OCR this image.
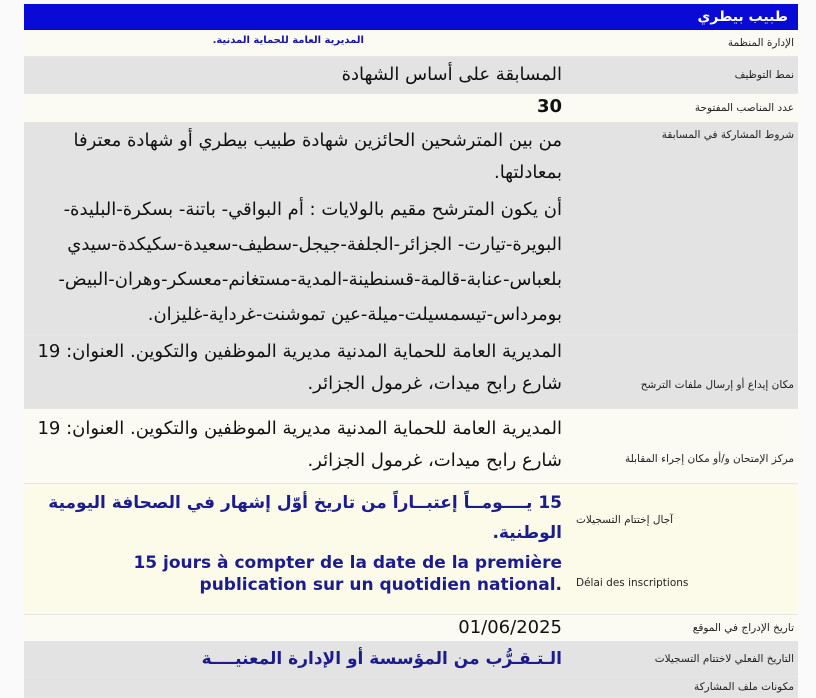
طبيب بيطري
الإدارة المنظمة
المديرية العامة للحماية المدنية.
نمط التوظيف
المسابقة على أساس الشهادة
عدد المناصب المفتوحة
30
شروط المشاركة في المسابقة
من بين المترشحين الحائزين شهادة طبيب بيطري أو شهادة معترفا بمعادلتها.
أن يكون المترشح مقيم بالولايات : أم البواقي- باتنة- بسكرة-البليدة-البويرة-تيارت- الجزائر-الجلفة-جيجل-سطيف-سعيدة-سكيكدة-سيدي بلعباس-عنابة-قالمة-قسنطينة-المدية-مستغانم-معسكر-وهران-البيض-بومرداس-تيسمسيلت-ميلة-عين تموشنت-غرداية-غليزان.
مكان إيداع أو إرسال ملفات الترشح
المديرية العامة للحماية المدنية مديرية الموظفين والتكوين. العنوان: 19 شارع رابح ميدات، غرمول الجزائر.
مركز الإمتحان و/أو مكان إجراء المقابلة
المديرية العامة للحماية المدنية مديرية الموظفين والتكوين. العنوان: 19 شارع رابح ميدات، غرمول الجزائر.
آجال إختتام التسجيلات
Délai des inscriptions
15 يــــومــاً إعتبــاراً من تاريخ أوّل إشهار في الصحافة اليومية الوطنية.
15 jours à compter de la date de la première publication sur un quotidien national.
تاريخ الإدراج في الموقع
01/06/2025
التاريخ الفعلي لاختتام التسجيلات
الـتـقـرُّب من المؤسسة أو الإدارة المعنيــــة
مكونات ملف المشاركة
